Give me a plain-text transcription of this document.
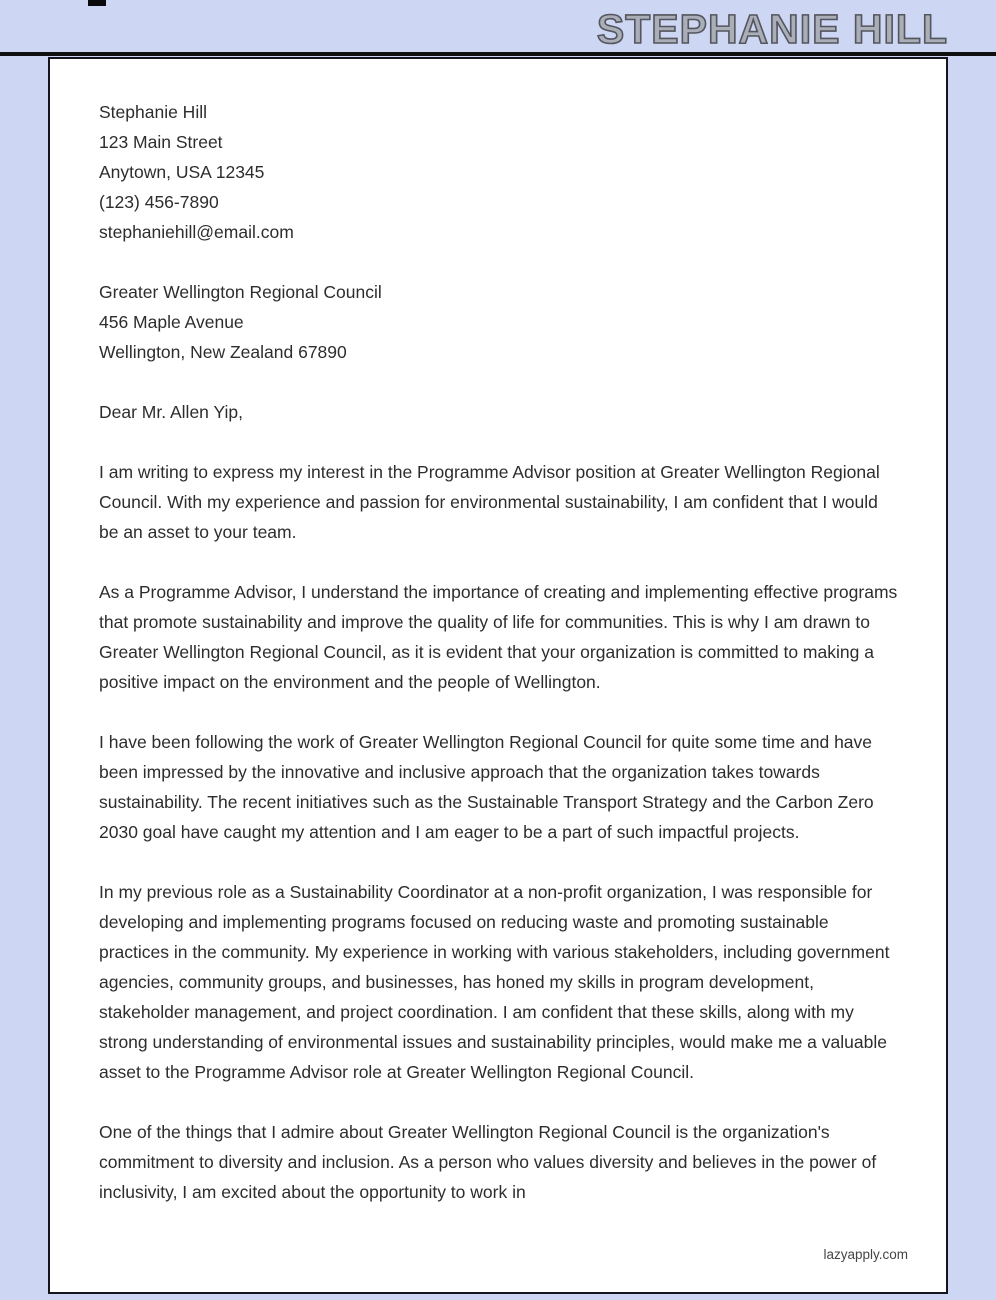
STEPHANIE HILL

Stephanie Hill

123 Main Street

Anytown, USA 12345

(123) 456-7890

stephaniehill@email.com

Greater Wellington Regional Council

456 Maple Avenue

Wellington, New Zealand 67890

Dear Mr. Allen Yip,

I am writing to express my interest in the Programme Advisor position at Greater Wellington Regional Council. With my experience and passion for environmental sustainability, I am confident that I would be an asset to your team.

As a Programme Advisor, I understand the importance of creating and implementing effective programs that promote sustainability and improve the quality of life for communities. This is why I am drawn to Greater Wellington Regional Council, as it is evident that your organization is committed to making a positive impact on the environment and the people of Wellington.

I have been following the work of Greater Wellington Regional Council for quite some time and have been impressed by the innovative and inclusive approach that the organization takes towards sustainability. The recent initiatives such as the Sustainable Transport Strategy and the Carbon Zero 2030 goal have caught my attention and I am eager to be a part of such impactful projects.

In my previous role as a Sustainability Coordinator at a non-profit organization, I was responsible for developing and implementing programs focused on reducing waste and promoting sustainable practices in the community. My experience in working with various stakeholders, including government agencies, community groups, and businesses, has honed my skills in program development, stakeholder management, and project coordination. I am confident that these skills, along with my strong understanding of environmental issues and sustainability principles, would make me a valuable asset to the Programme Advisor role at Greater Wellington Regional Council.

One of the things that I admire about Greater Wellington Regional Council is the organization's commitment to diversity and inclusion. As a person who values diversity and believes in the power of inclusivity, I am excited about the opportunity to work in

lazyapply.com
